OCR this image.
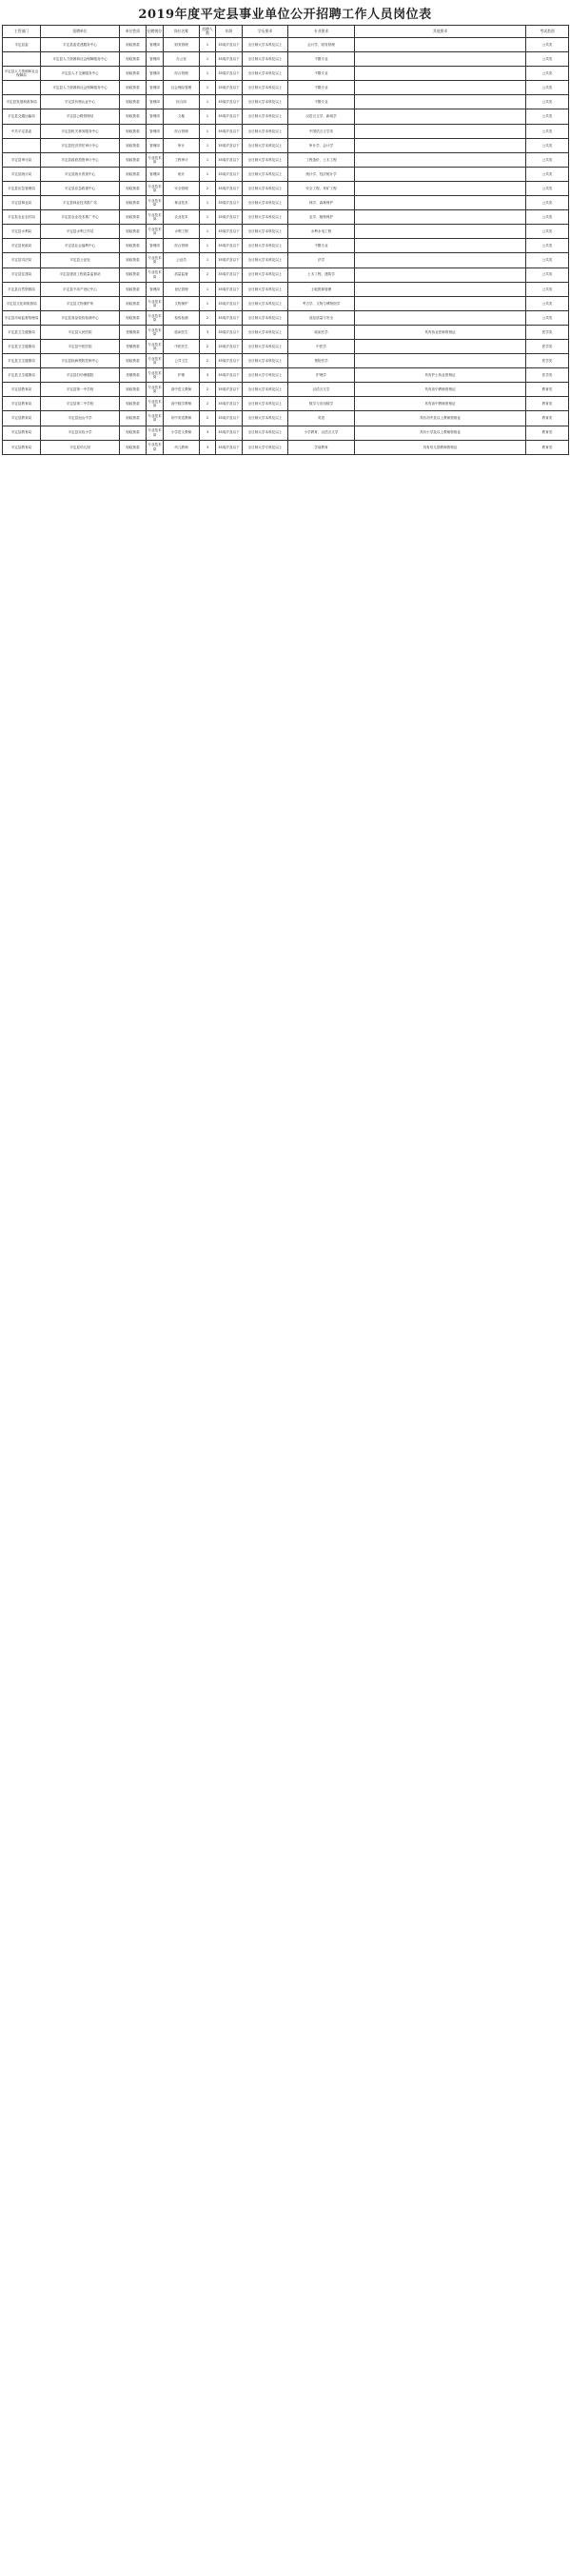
2019年度平定县事业单位公开招聘工作人员岗位表
主管部门	招聘单位	单位性质	招聘岗位	岗位名称	招聘人数	年龄	学历要求	专业要求	其他要求	考试类别
平定县委	平定县委党建服务中心	财政拨款	管理岗	财务管理	1	35周岁及以下	全日制大学本科及以上	会计学、财务管理		公共类
	平定县人力资源和社会保障服务中心	财政拨款	管理岗	办公室	1	35周岁及以下	全日制大学本科及以上	不限专业		公共类
平定县人力资源和社会保障局	平定县人才交流服务中心	财政拨款	管理岗	综合管理	1	35周岁及以下	全日制大学本科及以上	不限专业		公共类
	平定县人力资源和社会保障服务中心	财政拨款	管理岗	社会保险管理	1	35周岁及以下	全日制大学本科及以上	不限专业		公共类
平定县发展和改革局	平定县价格认证中心	财政拨款	管理岗	综合岗	1	35周岁及以下	全日制大学本科及以上	不限专业		公共类
平定县交通运输局	平定县公路管理站	财政拨款	管理岗	文秘	1	35周岁及以下	全日制大学本科及以上	汉语言文学、新闻学		公共类
中共平定县委	平定县机关事务服务中心	财政拨款	管理岗	综合管理	1	35周岁及以下	全日制大学本科及以上	中国语言文学类		公共类
	平定县经济责任审计中心	财政拨款	管理岗	审计	1	35周岁及以下	全日制大学本科及以上	审计学、会计学		公共类
平定县审计局	平定县政府投资审计中心	财政拨款	专业技术岗	工程审计	1	35周岁及以下	全日制大学本科及以上	工程造价、土木工程		公共类
平定县统计局	平定县统计普查中心	财政拨款	管理岗	统计	1	35周岁及以下	全日制大学本科及以上	统计学、经济统计学		公共类
平定县应急管理局	平定县应急救援中心	财政拨款	专业技术岗	安全管理	2	35周岁及以下	全日制大学本科及以上	安全工程、采矿工程		公共类
平定县林业局	平定县林业技术推广站	财政拨款	专业技术岗	林业技术	1	35周岁及以下	全日制大学本科及以上	林学、森林保护		公共类
平定县农业农村局	平定县农业技术推广中心	财政拨款	专业技术岗	农业技术	1	35周岁及以下	全日制大学本科及以上	农学、植物保护		公共类
平定县水利局	平定县水利工作站	财政拨款	专业技术岗	水利工程	1	35周岁及以下	全日制大学本科及以上	水利水电工程		公共类
平定县民政局	平定县社会福利中心	财政拨款	管理岗	综合管理	1	35周岁及以下	全日制大学本科及以上	不限专业		公共类
平定县司法局	平定县公证处	财政拨款	专业技术岗	公证员	1	35周岁及以下	全日制大学本科及以上	法学		公共类
平定县住建局	平定县建设工程质量监督站	财政拨款	专业技术岗	质量监督	2	35周岁及以下	全日制大学本科及以上	土木工程、建筑学		公共类
平定县自然资源局	平定县不动产登记中心	财政拨款	管理岗	登记管理	1	35周岁及以下	全日制大学本科及以上	土地资源管理		公共类
平定县文化和旅游局	平定县文物保护所	财政拨款	专业技术岗	文物保护	1	35周岁及以下	全日制大学本科及以上	考古学、文物与博物馆学		公共类
平定县市场监督管理局	平定县食品检验检测中心	财政拨款	专业技术岗	检验检测	2	35周岁及以下	全日制大学本科及以上	食品质量与安全		公共类
平定县卫生健康局	平定县人民医院	差额拨款	专业技术岗	临床医生	3	35周岁及以下	全日制大学本科及以上	临床医学	具有执业医师资格证	医学类
平定县卫生健康局	平定县中医医院	差额拨款	专业技术岗	中医医生	2	35周岁及以下	全日制大学本科及以上	中医学		医学类
平定县卫生健康局	平定县疾病预防控制中心	财政拨款	专业技术岗	公共卫生	2	35周岁及以下	全日制大学本科及以上	预防医学		医学类
平定县卫生健康局	平定县妇幼保健院	差额拨款	专业技术岗	护理	3	35周岁及以下	全日制大学专科及以上	护理学	具有护士执业资格证	医学类
平定县教育局	平定县第一中学校	财政拨款	专业技术岗	高中语文教师	2	35周岁及以下	全日制大学本科及以上	汉语言文学	具有高中教师资格证	教育类
平定县教育局	平定县第二中学校	财政拨款	专业技术岗	高中数学教师	2	35周岁及以下	全日制大学本科及以上	数学与应用数学	具有高中教师资格证	教育类
平定县教育局	平定县冠山中学	财政拨款	专业技术岗	初中英语教师	2	35周岁及以下	全日制大学本科及以上	英语	具有初中及以上教师资格证	教育类
平定县教育局	平定县实验小学	财政拨款	专业技术岗	小学语文教师	3	35周岁及以下	全日制大学本科及以上	小学教育、汉语言文学	具有小学及以上教师资格证	教育类
平定县教育局	平定县幼儿园	财政拨款	专业技术岗	幼儿教师	3	35周岁及以下	全日制大学专科及以上	学前教育	具有幼儿园教师资格证	教育类
